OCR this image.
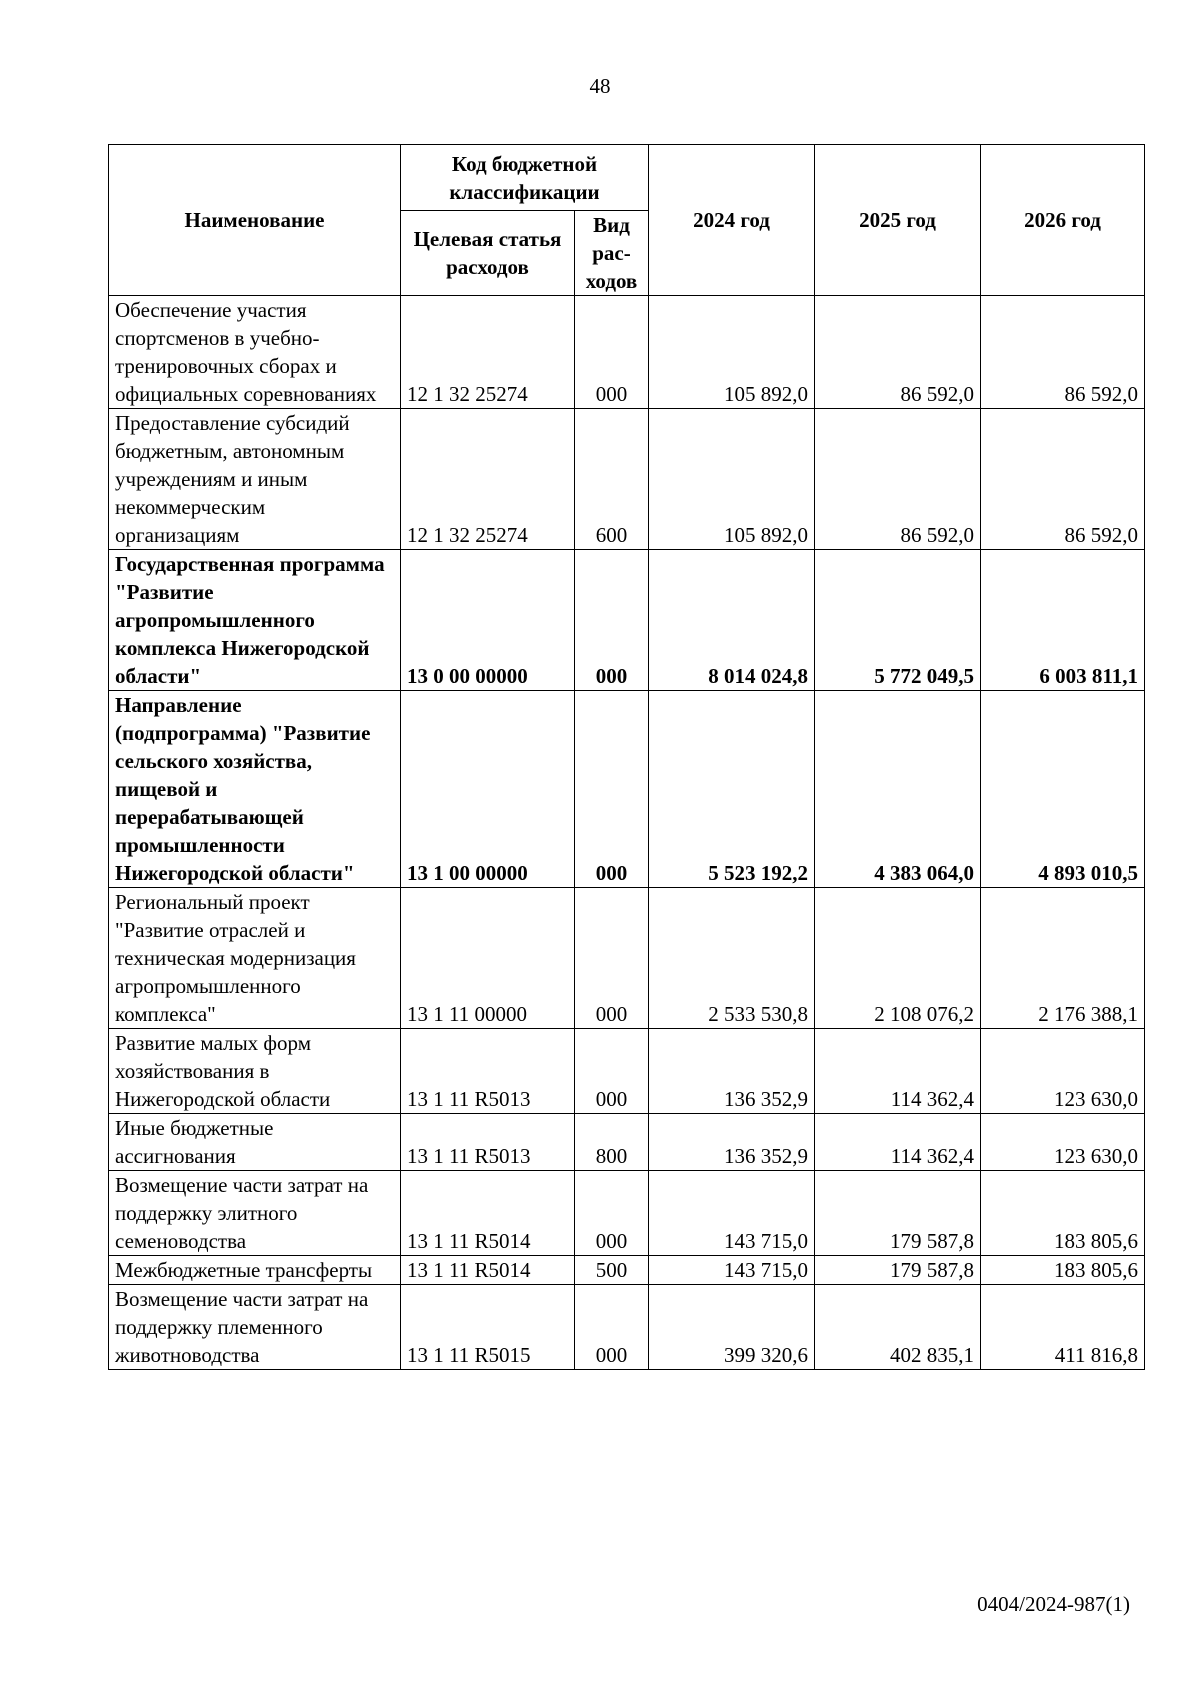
48
Наименование	Код бюджетной классификации		2024 год	2025 год	2026 год
	Целевая статья расходов	Вид рас-ходов			
Обеспечение участия спортсменов в учебно-тренировочных сборах и официальных соревнованиях	12 1 32 25274	000	105 892,0	86 592,0	86 592,0
Предоставление субсидий бюджетным, автономным учреждениям и иным некоммерческим организациям	12 1 32 25274	600	105 892,0	86 592,0	86 592,0
Государственная программа "Развитие агропромышленного комплекса Нижегородской области"	13 0 00 00000	000	8 014 024,8	5 772 049,5	6 003 811,1
Направление (подпрограмма) "Развитие сельского хозяйства, пищевой и перерабатывающей промышленности Нижегородской области"	13 1 00 00000	000	5 523 192,2	4 383 064,0	4 893 010,5
Региональный проект "Развитие отраслей и техническая модернизация агропромышленного комплекса"	13 1 11 00000	000	2 533 530,8	2 108 076,2	2 176 388,1
Развитие малых форм хозяйствования в Нижегородской области	13 1 11 R5013	000	136 352,9	114 362,4	123 630,0
Иные бюджетные ассигнования	13 1 11 R5013	800	136 352,9	114 362,4	123 630,0
Возмещение части затрат на поддержку элитного семеноводства	13 1 11 R5014	000	143 715,0	179 587,8	183 805,6
Межбюджетные трансферты	13 1 11 R5014	500	143 715,0	179 587,8	183 805,6
Возмещение части затрат на поддержку племенного животноводства	13 1 11 R5015	000	399 320,6	402 835,1	411 816,8
0404/2024-987(1)
